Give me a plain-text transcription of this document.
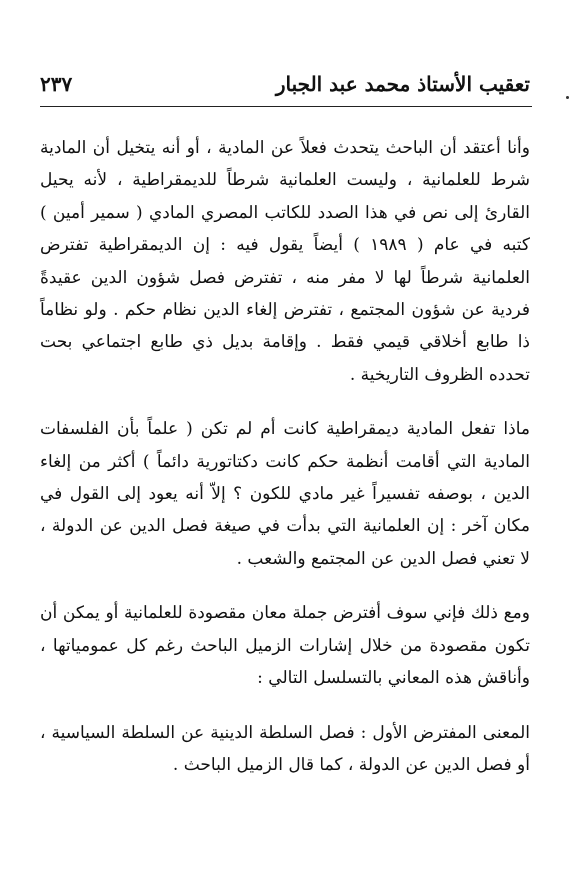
تعقيب الأستاذ محمد عبد الجبار
٢٣٧

وأنا أعتقد أن الباحث يتحدث فعلاً عن المادية ، أو أنه يتخيل أن المادية شرط للعلمانية ، وليست العلمانية شرطاً للديمقراطية ، لأنه يحيل القارئ إلى نص في هذا الصدد للكاتب المصري المادي ( سمير أمين ) كتبه في عام ( ١٩٨٩ ) أيضاً يقول فيه : إن الديمقراطية تفترض العلمانية شرطاً لها لا مفر منه ، تفترض فصل شؤون الدين عقيدةً فردية عن شؤون المجتمع ، تفترض إلغاء الدين نظام حكم . ولو نظاماً ذا طابع أخلاقي قيمي فقط . وإقامة بديل ذي طابع اجتماعي بحت تحدده الظروف التاريخية .

ماذا تفعل المادية ديمقراطية كانت أم لم تكن ( علماً بأن الفلسفات المادية التي أقامت أنظمة حكم كانت دكتاتورية دائماً ) أكثر من إلغاء الدين ، بوصفه تفسيراً غير مادي للكون ؟ إلاّ أنه يعود إلى القول في مكان آخر : إن العلمانية التي بدأت في صيغة فصل الدين عن الدولة ، لا تعني فصل الدين عن المجتمع والشعب .

ومع ذلك فإني سوف أفترض جملة معان مقصودة للعلمانية أو يمكن أن تكون مقصودة من خلال إشارات الزميل الباحث رغم كل عمومياتها ، وأناقش هذه المعاني بالتسلسل التالي :

المعنى المفترض الأول : فصل السلطة الدينية عن السلطة السياسية ، أو فصل الدين عن الدولة ، كما قال الزميل الباحث .
